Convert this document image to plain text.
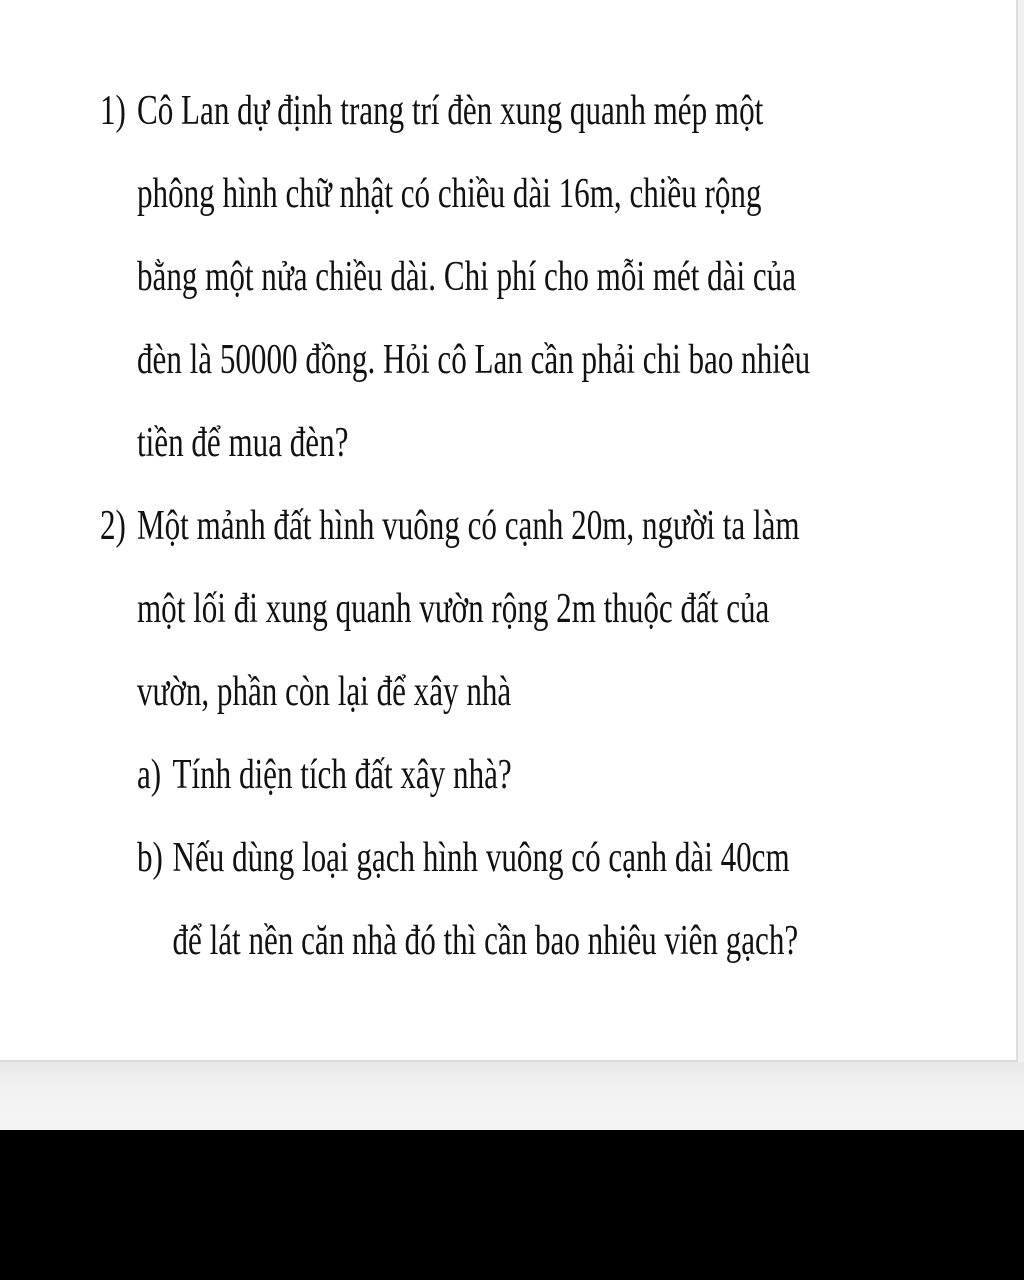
1) Cô Lan dự định trang trí đèn xung quanh mép một
phông hình chữ nhật có chiều dài 16m, chiều rộng
bằng một nửa chiều dài. Chi phí cho mỗi mét dài của
đèn là 50000 đồng. Hỏi cô Lan cần phải chi bao nhiêu
tiền để mua đèn?
2) Một mảnh đất hình vuông có cạnh 20m, người ta làm
một lối đi xung quanh vườn rộng 2m thuộc đất của
vườn, phần còn lại để xây nhà
a) Tính diện tích đất xây nhà?
b) Nếu dùng loại gạch hình vuông có cạnh dài 40cm
để lát nền căn nhà đó thì cần bao nhiêu viên gạch?
